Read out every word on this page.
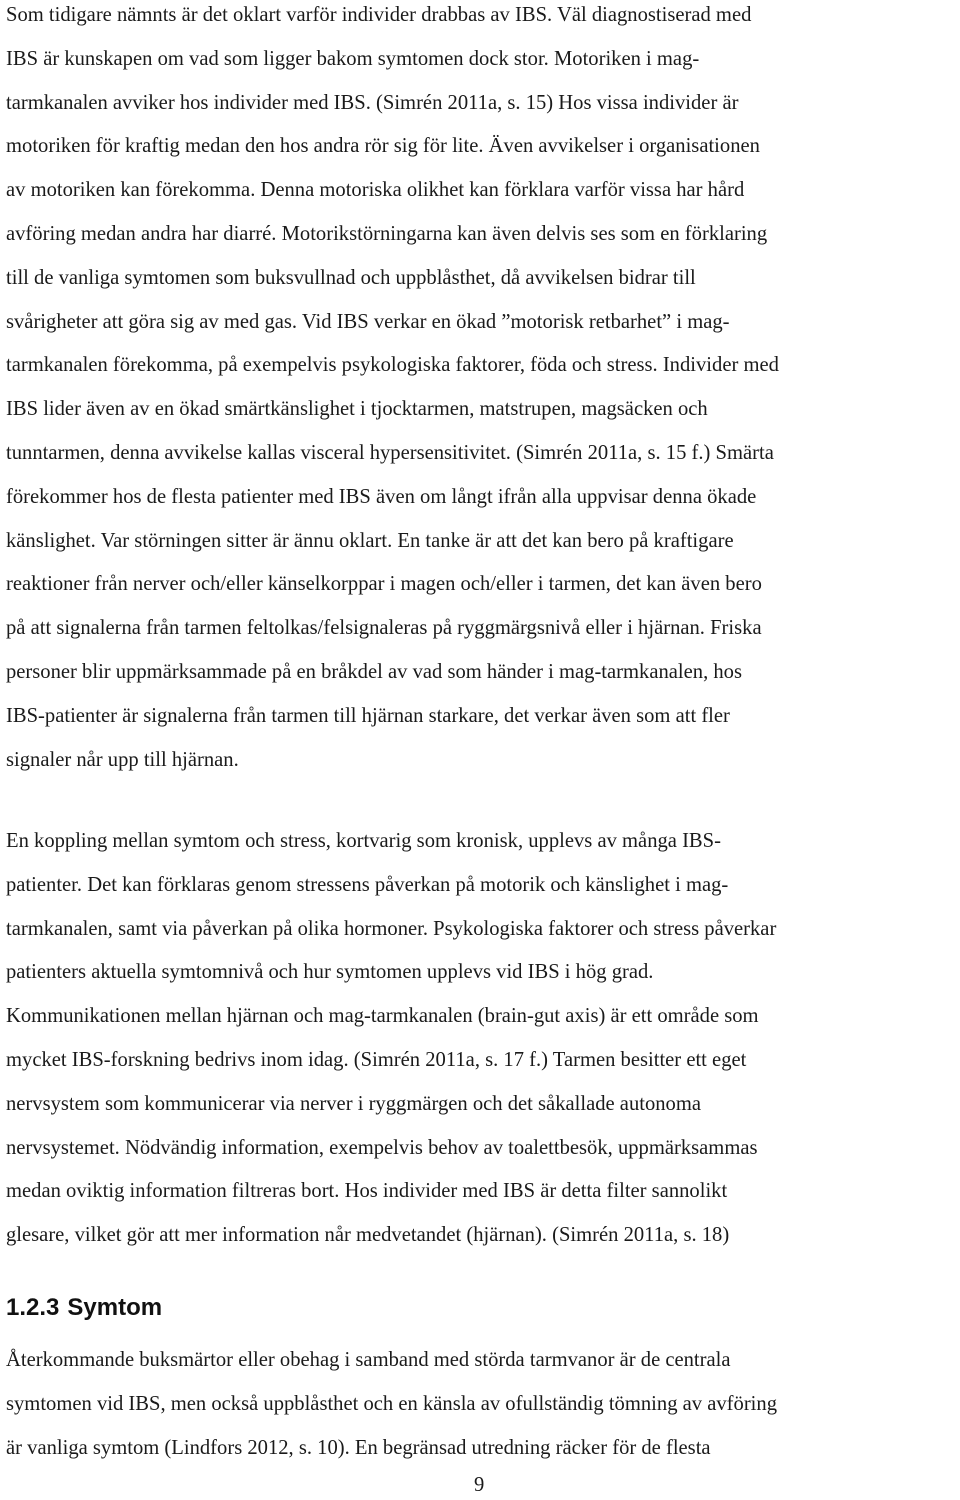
Som tidigare nämnts är det oklart varför individer drabbas av IBS. Väl diagnostiserad med
IBS är kunskapen om vad som ligger bakom symtomen dock stor. Motoriken i mag-
tarmkanalen avviker hos individer med IBS. (Simrén 2011a, s. 15) Hos vissa individer är
motoriken för kraftig medan den hos andra rör sig för lite. Även avvikelser i organisationen
av motoriken kan förekomma. Denna motoriska olikhet kan förklara varför vissa har hård
avföring medan andra har diarré. Motorikstörningarna kan även delvis ses som en förklaring
till de vanliga symtomen som buksvullnad och uppblåsthet, då avvikelsen bidrar till
svårigheter att göra sig av med gas. Vid IBS verkar en ökad ”motorisk retbarhet” i mag-
tarmkanalen förekomma, på exempelvis psykologiska faktorer, föda och stress. Individer med
IBS lider även av en ökad smärtkänslighet i tjocktarmen, matstrupen, magsäcken och
tunntarmen, denna avvikelse kallas visceral hypersensitivitet. (Simrén 2011a, s. 15 f.) Smärta
förekommer hos de flesta patienter med IBS även om långt ifrån alla uppvisar denna ökade
känslighet. Var störningen sitter är ännu oklart. En tanke är att det kan bero på kraftigare
reaktioner från nerver och/eller känselkorppar i magen och/eller i tarmen, det kan även bero
på att signalerna från tarmen feltolkas/felsignaleras på ryggmärgsnivå eller i hjärnan. Friska
personer blir uppmärksammade på en bråkdel av vad som händer i mag-tarmkanalen, hos
IBS-patienter är signalerna från tarmen till hjärnan starkare, det verkar även som att fler
signaler når upp till hjärnan.
En koppling mellan symtom och stress, kortvarig som kronisk, upplevs av många IBS-
patienter. Det kan förklaras genom stressens påverkan på motorik och känslighet i mag-
tarmkanalen, samt via påverkan på olika hormoner. Psykologiska faktorer och stress påverkar
patienters aktuella symtomnivå och hur symtomen upplevs vid IBS i hög grad.
Kommunikationen mellan hjärnan och mag-tarmkanalen (brain-gut axis) är ett område som
mycket IBS-forskning bedrivs inom idag. (Simrén 2011a, s. 17 f.) Tarmen besitter ett eget
nervsystem som kommunicerar via nerver i ryggmärgen och det såkallade autonoma
nervsystemet. Nödvändig information, exempelvis behov av toalettbesök, uppmärksammas
medan oviktig information filtreras bort. Hos individer med IBS är detta filter sannolikt
glesare, vilket gör att mer information når medvetandet (hjärnan). (Simrén 2011a, s. 18)
1.2.3 Symtom
Återkommande buksmärtor eller obehag i samband med störda tarmvanor är de centrala
symtomen vid IBS, men också uppblåsthet och en känsla av ofullständig tömning av avföring
är vanliga symtom (Lindfors 2012, s. 10). En begränsad utredning räcker för de flesta
9
